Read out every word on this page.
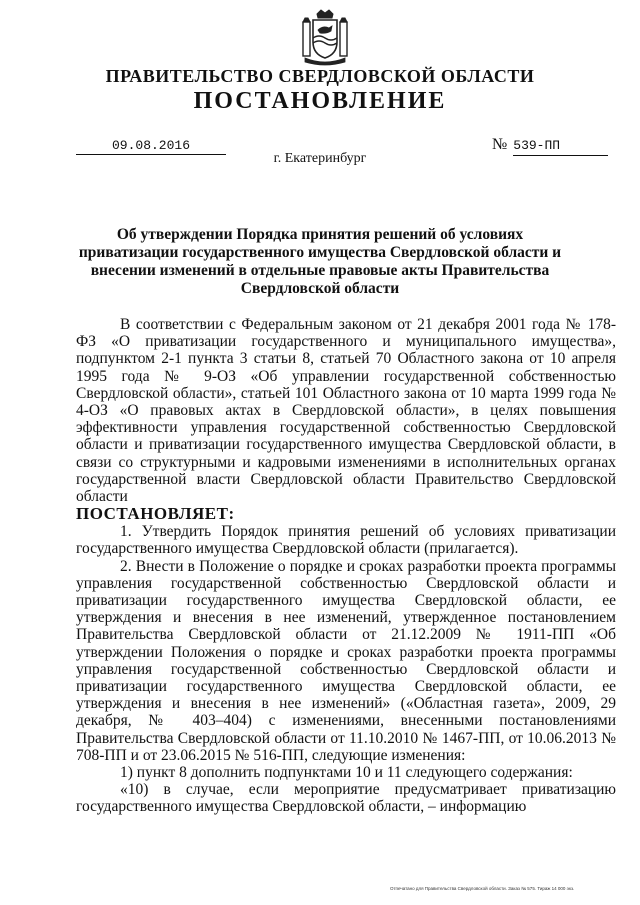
ПРАВИТЕЛЬСТВО СВЕРДЛОВСКОЙ ОБЛАСТИ
ПОСТАНОВЛЕНИЕ
09.08.2016	№ 539-ПП
г. Екатеринбург
Об утверждении Порядка принятия решений об условиях приватизации государственного имущества Свердловской области и внесении изменений в отдельные правовые акты Правительства Свердловской области

В соответствии с Федеральным законом от 21 декабря 2001 года № 178-ФЗ «О приватизации государственного и муниципального имущества», подпунктом 2-1 пункта 3 статьи 8, статьей 70 Областного закона от 10 апреля 1995 года № 9-ОЗ «Об управлении государственной собственностью Свердловской области», статьей 101 Областного закона от 10 марта 1999 года № 4-ОЗ «О правовых актах в Свердловской области», в целях повышения эффективности управления государственной собственностью Свердловской области и приватизации государственного имущества Свердловской области, в связи со структурными и кадровыми изменениями в исполнительных органах государственной власти Свердловской области Правительство Свердловской области

ПОСТАНОВЛЯЕТ:

1. Утвердить Порядок принятия решений об условиях приватизации государственного имущества Свердловской области (прилагается).

2. Внести в Положение о порядке и сроках разработки проекта программы управления государственной собственностью Свердловской области и приватизации государственного имущества Свердловской области, ее утверждения и внесения в нее изменений, утвержденное постановлением Правительства Свердловской области от 21.12.2009 № 1911-ПП «Об утверждении Положения о порядке и сроках разработки проекта программы управления государственной собственностью Свердловской области и приватизации государственного имущества Свердловской области, ее утверждения и внесения в нее изменений» («Областная газета», 2009, 29 декабря, № 403–404) с изменениями, внесенными постановлениями Правительства Свердловской области от 11.10.2010 № 1467-ПП, от 10.06.2013 № 708-ПП и от 23.06.2015 № 516-ПП, следующие изменения:

1) пункт 8 дополнить подпунктами 10 и 11 следующего содержания:

«10) в случае, если мероприятие предусматривает приватизацию государственного имущества Свердловской области, – информацию

Отпечатано для Правительства Свердловской области. Заказ № 575. Тираж 14 000 экз.
